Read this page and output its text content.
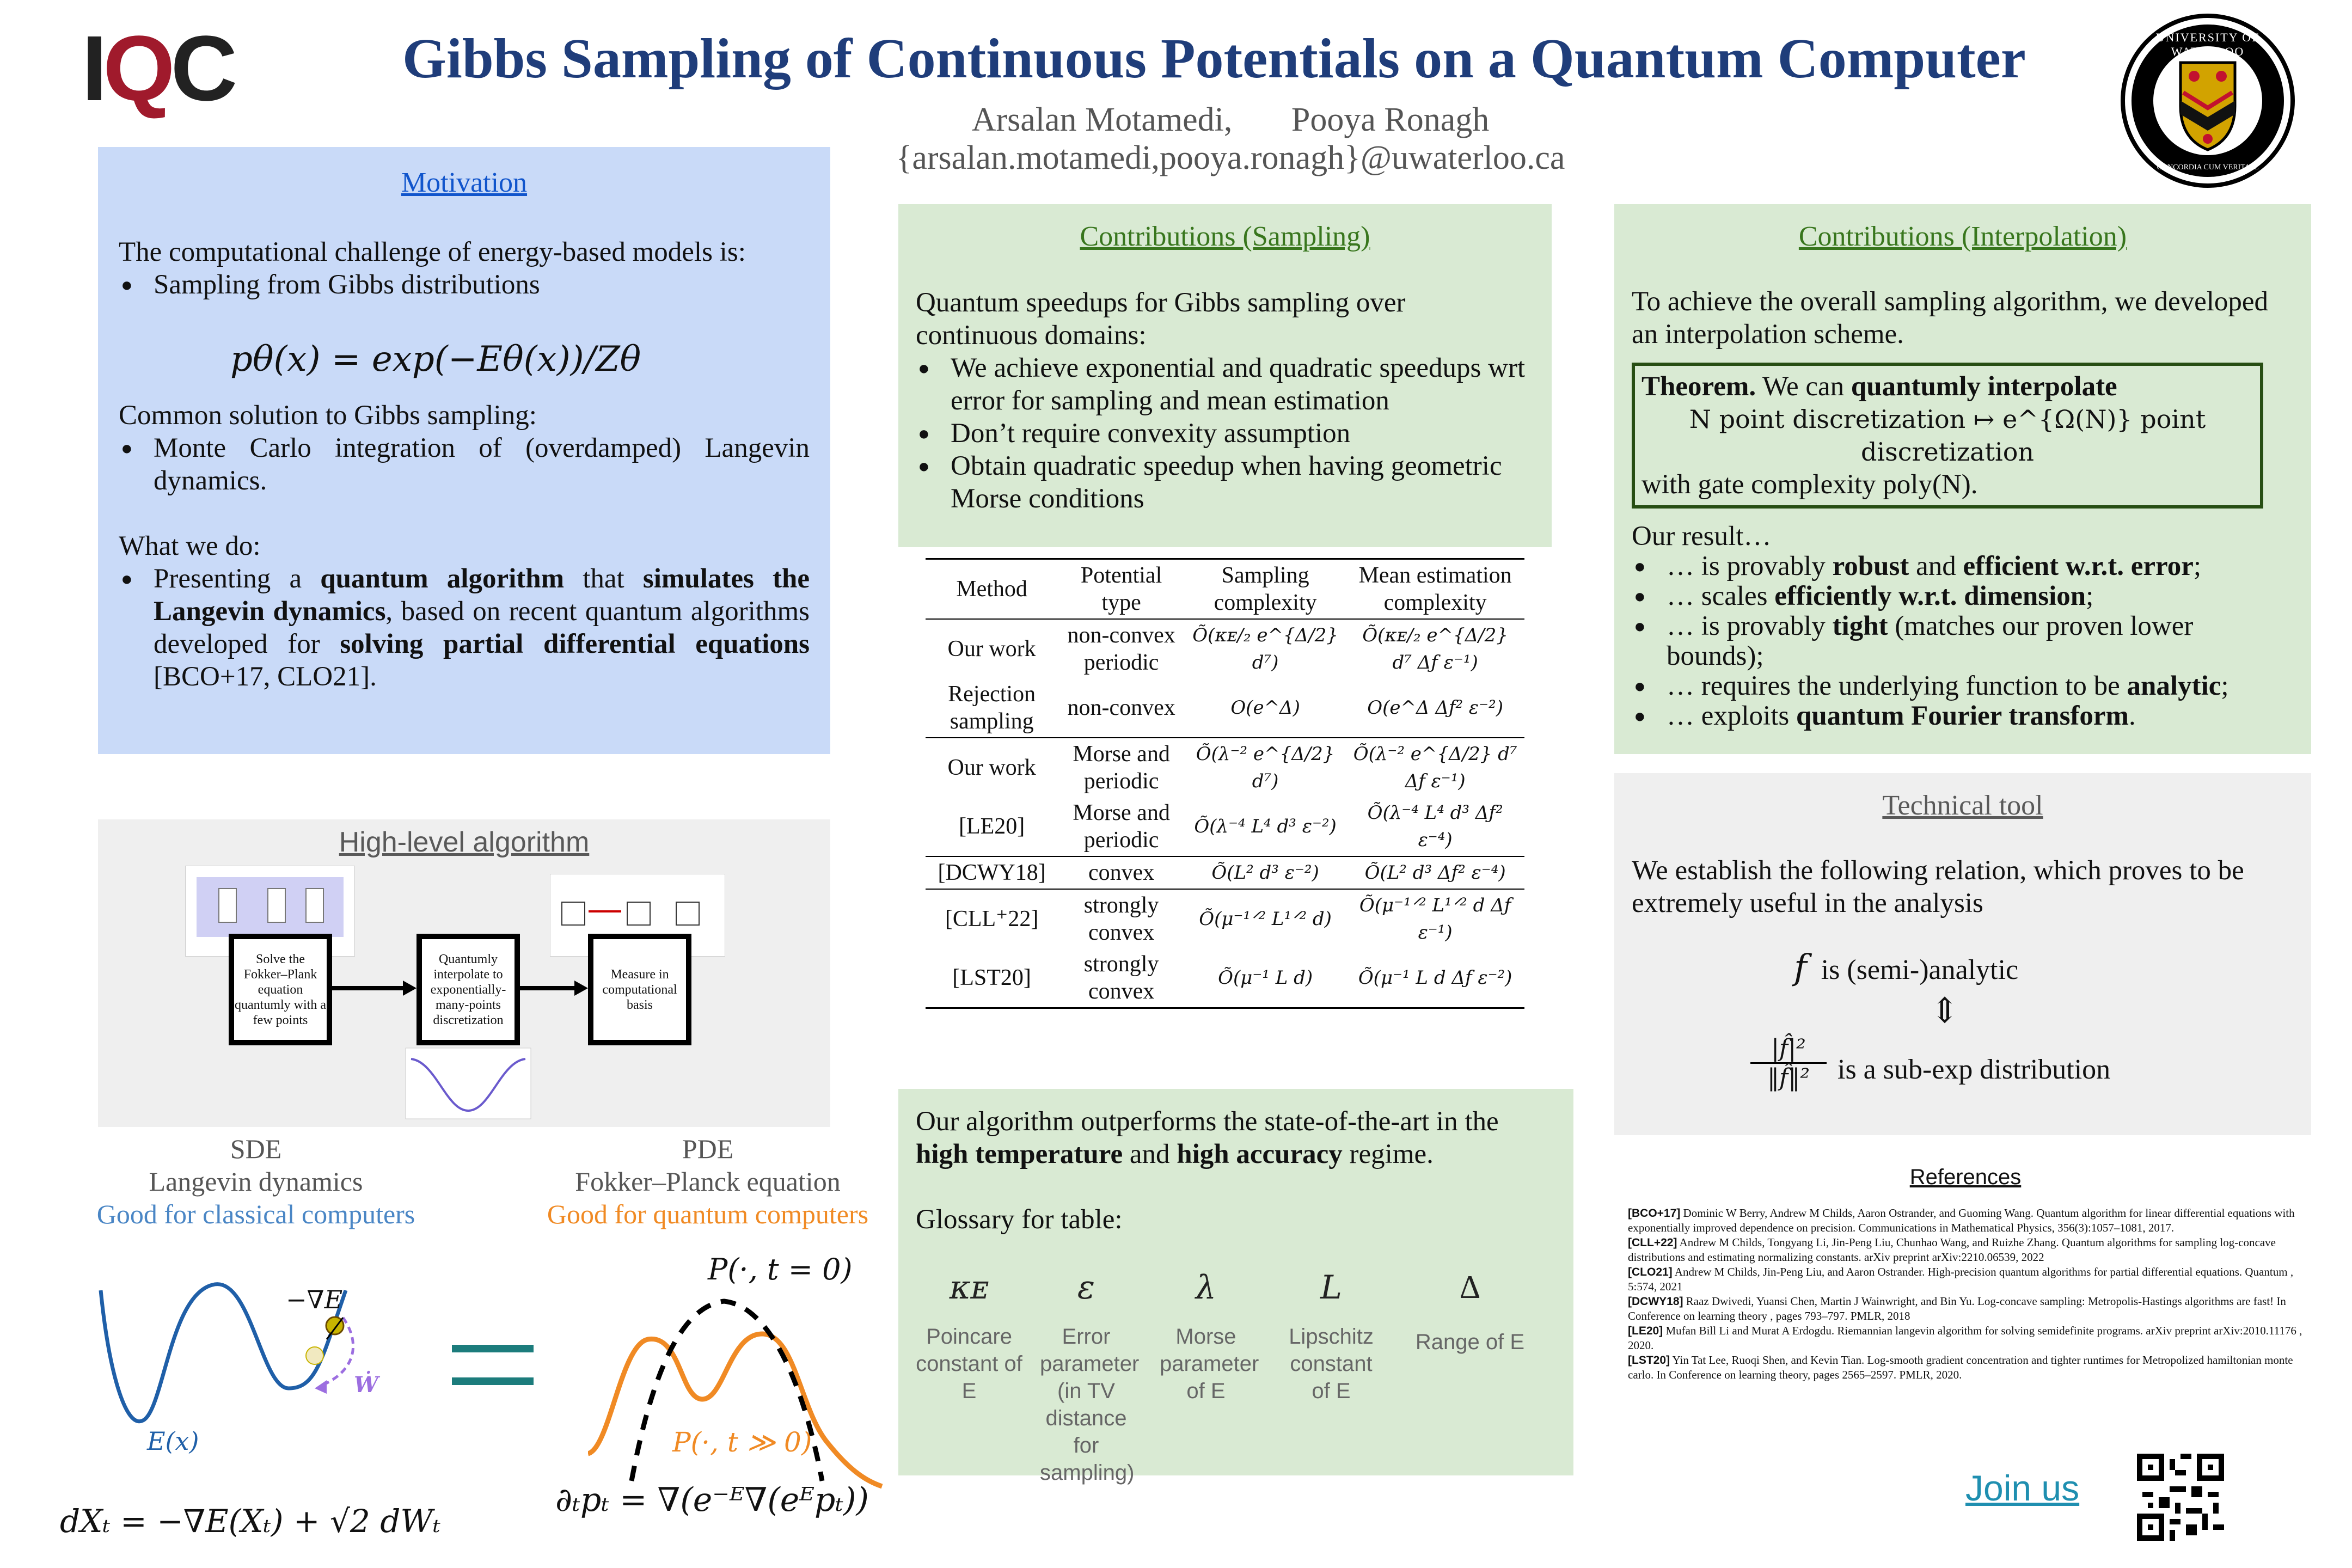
IQC	Gibbs Sampling of Continuous Potentials on a Quantum Computer
Arsalan Motamedi,       Pooya Ronagh
{arsalan.motamedi,pooya.ronagh}@uwaterloo.ca
UNIVERSITY OF WATERLOO
CONCORDIA CUM VERITATE
Motivation
The computational challenge of energy-based models is:
● Sampling from Gibbs distributions
pθ(x) = exp(−Eθ(x))/Zθ
Common solution to Gibbs sampling:
● Monte Carlo integration of (overdamped) Langevin dynamics.
What we do:
● Presenting a quantum algorithm that simulates the Langevin dynamics, based on recent quantum algorithms developed for solving partial differential equations [BCO+17, CLO21].
High-level algorithm
Solve the Fokker–Plank equation quantumly with a few points
Quantumly interpolate to exponentially-many-points discretization
Measure in computational basis
SDE
Langevin dynamics
Good for classical computers
PDE
Fokker–Planck equation
Good for quantum computers
−∇E
Ẇ
E(x)
dXₜ = −∇E(Xₜ) + √2 dWₜ
P(·, t = 0)
P(·, t ≫ 0)
∂ₜpₜ = ∇(e⁻ᴱ∇(eᴱpₜ))
Contributions (Sampling)
Quantum speedups for Gibbs sampling over continuous domains:
● We achieve exponential and quadratic speedups wrt error for sampling and mean estimation
● Don’t require convexity assumption
● Obtain quadratic speedup when having geometric Morse conditions
Method	Potential type	Sampling complexity	Mean estimation complexity
Our work	non-convex periodic	Õ(κᴇ/₂ e^{Δ/2} d⁷)	Õ(κᴇ/₂ e^{Δ/2} d⁷ Δƒ ε⁻¹)
Rejection sampling	non-convex	O(e^Δ)	O(e^Δ Δƒ² ε⁻²)
Our work	Morse and periodic	Õ(λ⁻² e^{Δ/2} d⁷)	Õ(λ⁻² e^{Δ/2} d⁷ Δƒ ε⁻¹)
[LE20]	Morse and periodic	Õ(λ⁻⁴ L⁴ d³ ε⁻²)	Õ(λ⁻⁴ L⁴ d³ Δƒ² ε⁻⁴)
[DCWY18]	convex	Õ(L² d³ ε⁻²)	Õ(L² d³ Δƒ² ε⁻⁴)
[CLL⁺22]	strongly convex	Õ(μ⁻¹ᐟ² L¹ᐟ² d)	Õ(μ⁻¹ᐟ² L¹ᐟ² d Δƒ ε⁻¹)
[LST20]	strongly convex	Õ(μ⁻¹ L d)	Õ(μ⁻¹ L d Δƒ ε⁻²)
Our algorithm outperforms the state-of-the-art in the high temperature and high accuracy regime.
Glossary for table:
κᴇ	ε	λ	L	Δ
Poincare constant of E
Error parameter (in TV distance for sampling)
Morse parameter of E
Lipschitz constant of E
Range of E
Contributions (Interpolation)
To achieve the overall sampling algorithm, we developed an interpolation scheme.
Theorem. We can quantumly interpolate
N point discretization ↦ e^{Ω(N)} point discretization
with gate complexity poly(N).
Our result…
● … is provably robust and efficient w.r.t. error;
● … scales efficiently w.r.t. dimension;
● … is provably tight (matches our proven lower bounds);
● … requires the underlying function to be analytic;
● … exploits quantum Fourier transform.
Technical tool
We establish the following relation, which proves to be extremely useful in the analysis
f is (semi-)analytic
⇕
|f̂|²
‖f̂‖² is a sub-exp distribution
References
[BCO+17] Dominic W Berry, Andrew M Childs, Aaron Ostrander, and Guoming Wang. Quantum algorithm for linear differential equations with exponentially improved dependence on precision. Communications in Mathematical Physics, 356(3):1057–1081, 2017.
[CLL+22] Andrew M Childs, Tongyang Li, Jin-Peng Liu, Chunhao Wang, and Ruizhe Zhang. Quantum algorithms for sampling log-concave distributions and estimating normalizing constants. arXiv preprint arXiv:2210.06539, 2022
[CLO21] Andrew M Childs, Jin-Peng Liu, and Aaron Ostrander. High-precision quantum algorithms for partial differential equations. Quantum , 5:574, 2021
[DCWY18] Raaz Dwivedi, Yuansi Chen, Martin J Wainwright, and Bin Yu. Log-concave sampling: Metropolis-Hastings algorithms are fast! In Conference on learning theory , pages 793–797. PMLR, 2018
[LE20] Mufan Bill Li and Murat A Erdogdu. Riemannian langevin algorithm for solving semidefinite programs. arXiv preprint arXiv:2010.11176 , 2020.
[LST20] Yin Tat Lee, Ruoqi Shen, and Kevin Tian. Log-smooth gradient concentration and tighter runtimes for Metropolized hamiltonian monte carlo. In Conference on learning theory, pages 2565–2597. PMLR, 2020.
Join us
